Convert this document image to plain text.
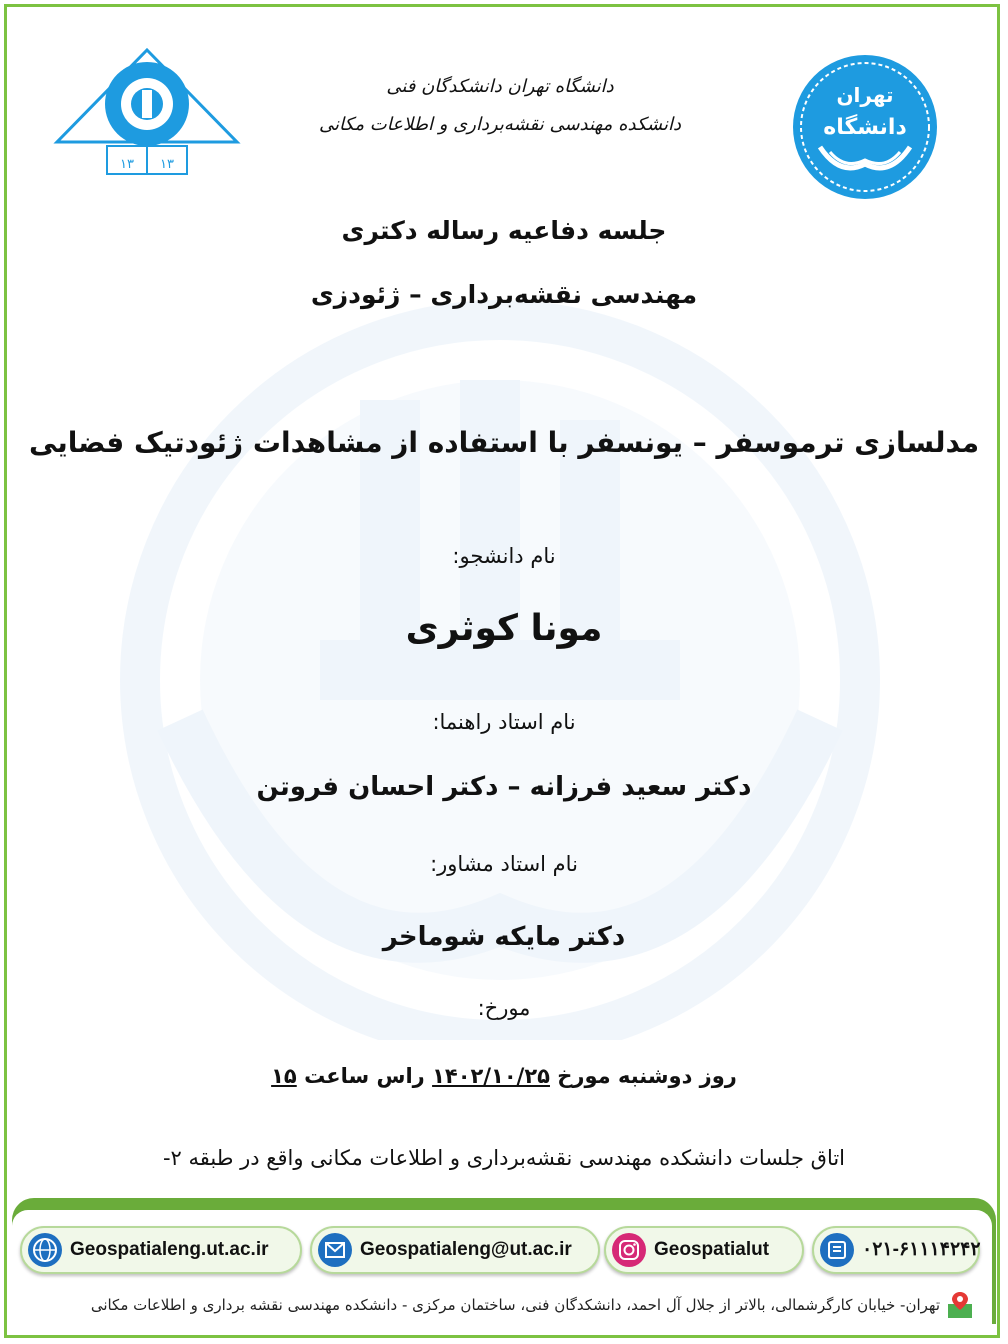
۱۳ ۱۳
تهران
دانشگاه
دانشگاه تهران دانشکدگان فنی
دانشکده مهندسی نقشه‌برداری و اطلاعات مکانی
جلسه دفاعیه رساله دکتری
مهندسی نقشه‌برداری – ژئودزی
مدلسازی ترموسفر – یونسفر با استفاده از مشاهدات ژئودتیک فضایی
نام دانشجو:
مونا کوثری
نام استاد راهنما:
دکتر سعید فرزانه – دکتر احسان فروتن
نام استاد مشاور:
دکتر مایکه شوماخر
مورخ:
روز دوشنبه مورخ ۱۴۰۲/۱۰/۲۵ راس ساعت ۱۵
اتاق جلسات دانشکده مهندسی نقشه‌برداری و اطلاعات مکانی واقع در طبقه ۲-
Geospatialeng.ut.ac.ir	Geospatialeng@ut.ac.ir	Geospatialut	۰۲۱-۶۱۱۱۴۲۴۲
تهران- خیابان کارگرشمالی، بالاتر از جلال آل احمد، دانشکدگان فنی، ساختمان مرکزی - دانشکده مهندسی نقشه برداری و اطلاعات مکانی
